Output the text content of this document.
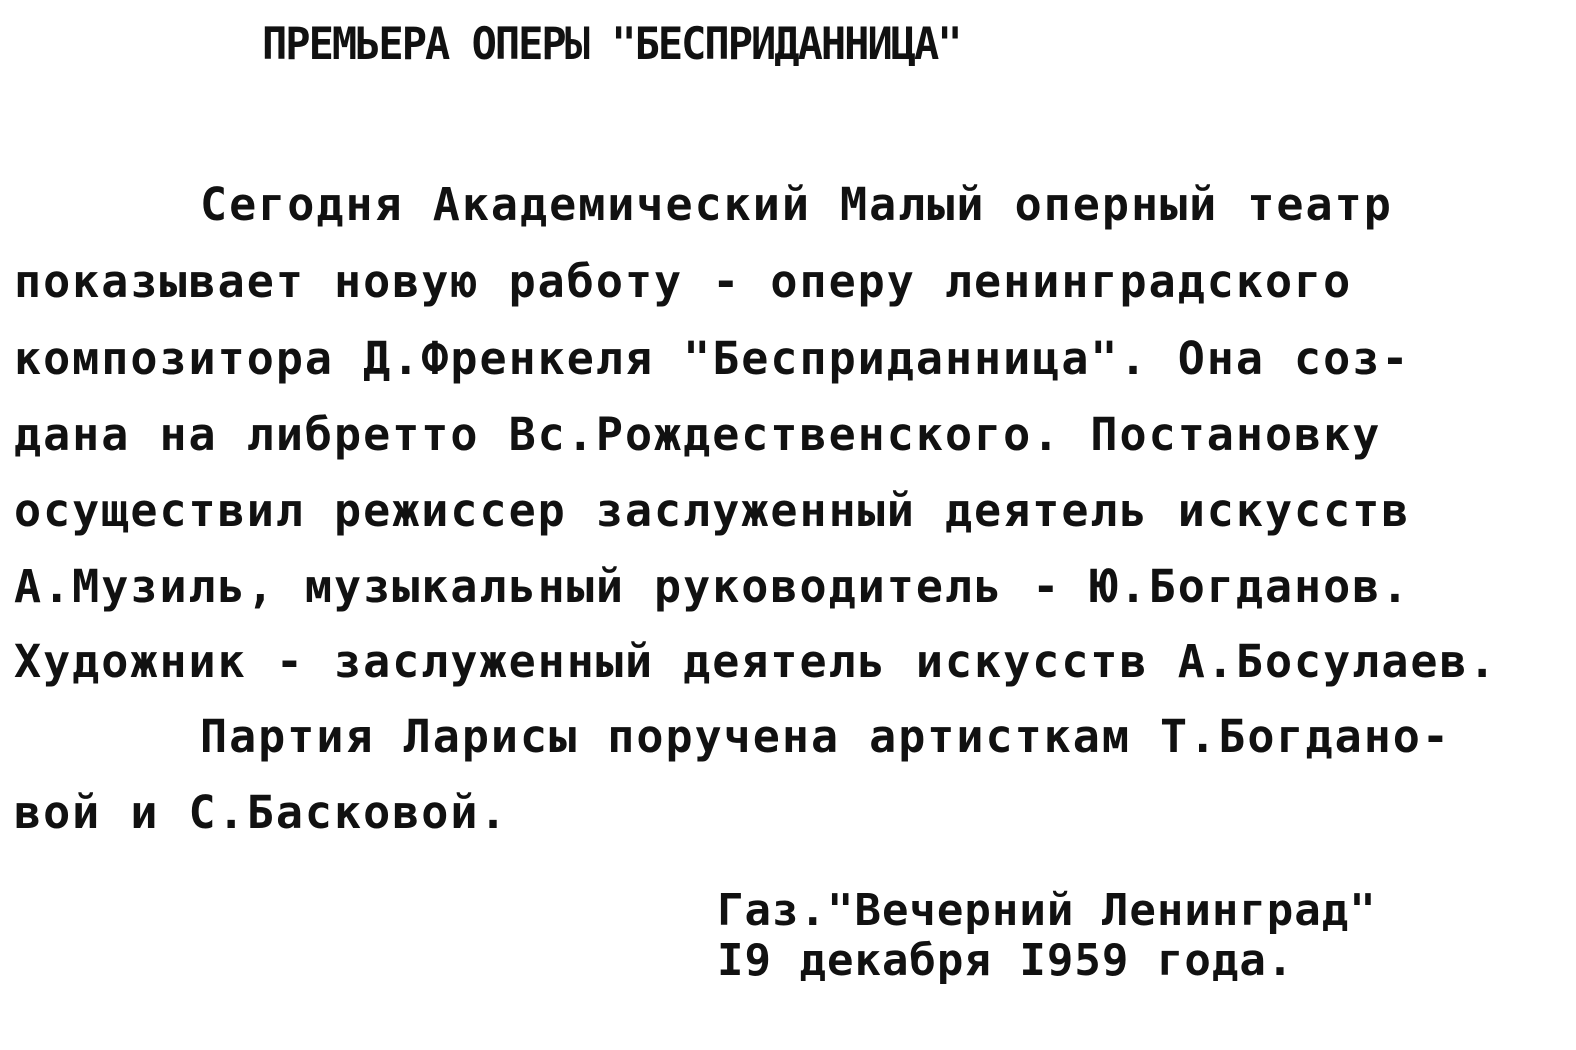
ПРЕМЬЕРА ОПЕРЫ "БЕСПРИДАННИЦА"
Сегодня Академический Малый оперный театр
показывает новую работу - оперу ленинградского
композитора Д.Френкеля "Бесприданница". Она соз-
дана на либретто Вс.Рождественского. Постановку
осуществил режиссер заслуженный деятель искусств
А.Музиль, музыкальный руководитель - Ю.Богданов.
Художник - заслуженный деятель искусств А.Босулаев.
Партия Ларисы поручена артисткам Т.Богдано-
вой и С.Басковой.
Газ."Вечерний Ленинград"
I9 декабря I959 года.
